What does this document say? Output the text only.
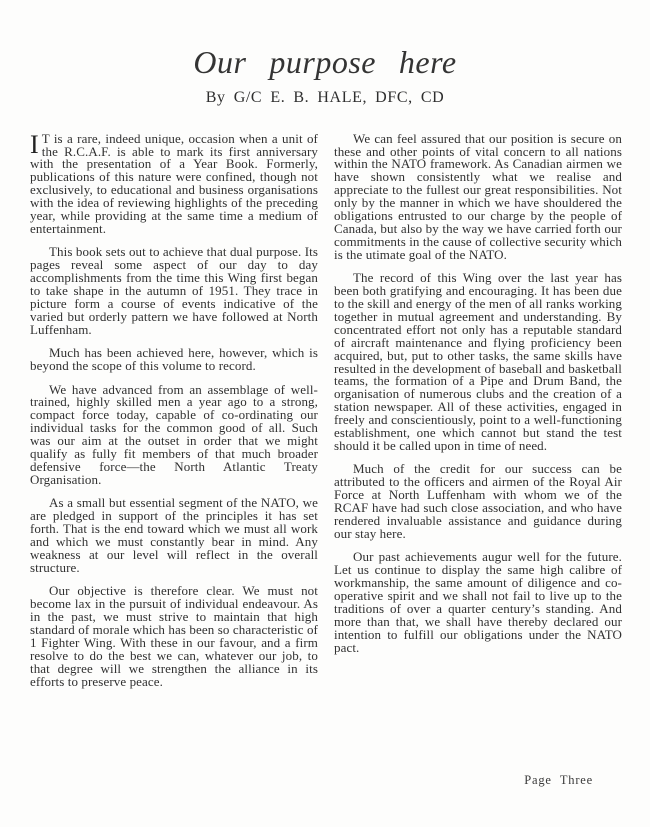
Our purpose here
By G/C E. B. HALE, DFC, CD

I T is a rare, indeed unique, occasion when a unit of the R.C.A.F. is able to mark its first anniversary with the presentation of a Year Book. Formerly, publications of this nature were confined, though not exclusively, to educational and business organisations with the idea of reviewing highlights of the preceding year, while providing at the same time a medium of entertainment.

This book sets out to achieve that dual purpose. Its pages reveal some aspect of our day to day accomplishments from the time this Wing first began to take shape in the autumn of 1951. They trace in picture form a course of events indicative of the varied but orderly pattern we have followed at North Luffenham.

Much has been achieved here, however, which is beyond the scope of this volume to record.

We have advanced from an assemblage of well-trained, highly skilled men a year ago to a strong, compact force today, capable of co-ordinating our individual tasks for the common good of all. Such was our aim at the outset in order that we might qualify as fully fit members of that much broader defensive force—the North Atlantic Treaty Organisation.

As a small but essential segment of the NATO, we are pledged in support of the principles it has set forth. That is the end toward which we must all work and which we must constantly bear in mind. Any weakness at our level will reflect in the overall structure.

Our objective is therefore clear. We must not become lax in the pursuit of individual endeavour. As in the past, we must strive to maintain that high standard of morale which has been so characteristic of 1 Fighter Wing. With these in our favour, and a firm resolve to do the best we can, whatever our job, to that degree will we strengthen the alliance in its efforts to preserve peace.

We can feel assured that our position is secure on these and other points of vital concern to all nations within the NATO framework. As Canadian airmen we have shown consistently what we realise and appreciate to the fullest our great responsibilities. Not only by the manner in which we have shouldered the obligations entrusted to our charge by the people of Canada, but also by the way we have carried forth our commitments in the cause of collective security which is the utimate goal of the NATO.

The record of this Wing over the last year has been both gratifying and encouraging. It has been due to the skill and energy of the men of all ranks working together in mutual agreement and understanding. By concentrated effort not only has a reputable standard of aircraft maintenance and flying proficiency been acquired, but, put to other tasks, the same skills have resulted in the development of baseball and basketball teams, the formation of a Pipe and Drum Band, the organisation of numerous clubs and the creation of a station newspaper. All of these activities, engaged in freely and conscientiously, point to a well-functioning establishment, one which cannot but stand the test should it be called upon in time of need.

Much of the credit for our success can be attributed to the officers and airmen of the Royal Air Force at North Luffenham with whom we of the RCAF have had such close association, and who have rendered invaluable assistance and guidance during our stay here.

Our past achievements augur well for the future. Let us continue to display the same high calibre of workmanship, the same amount of diligence and co-operative spirit and we shall not fail to live up to the traditions of over a quarter century’s standing. And more than that, we shall have thereby declared our intention to fulfill our obligations under the NATO pact.

Page Three
